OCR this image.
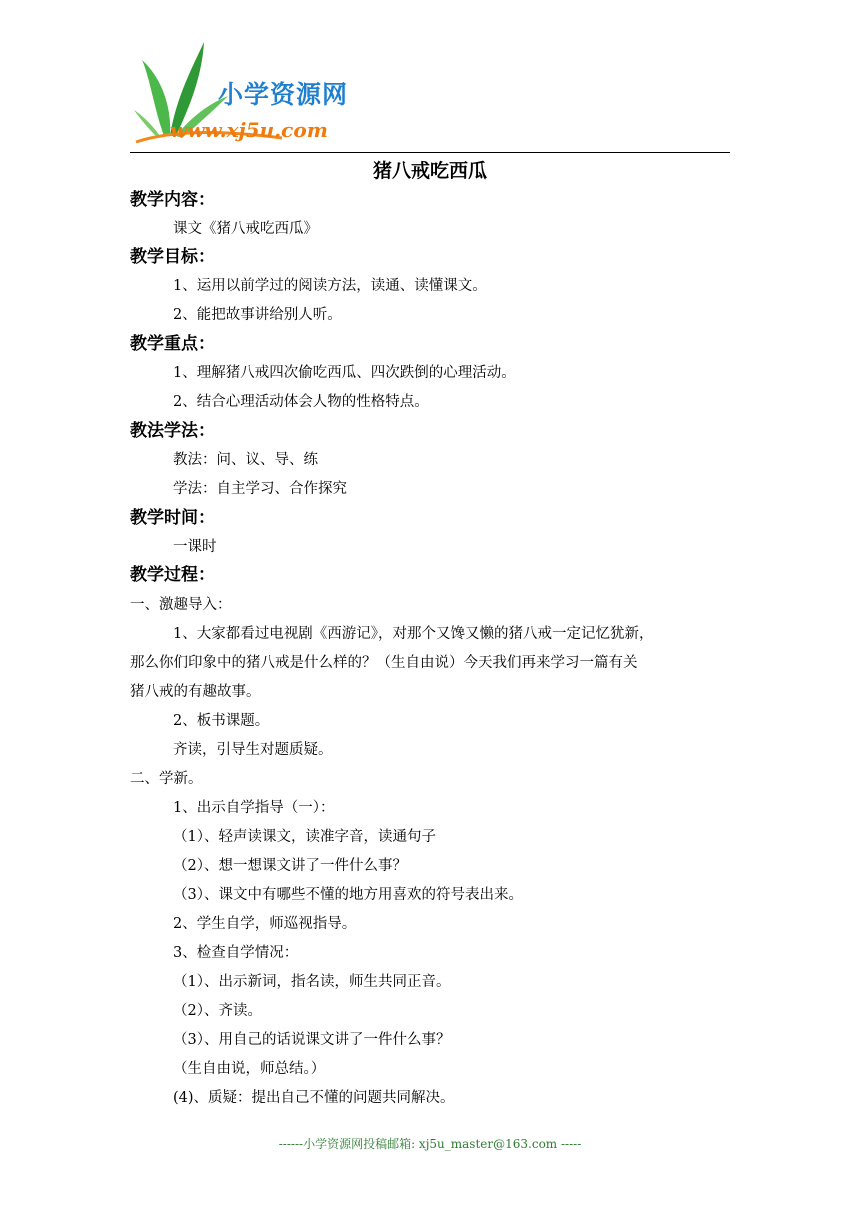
小学资源网
www.xj5u.com
猪八戒吃西瓜
教学内容：
课文《猪八戒吃西瓜》
教学目标：
1、运用以前学过的阅读方法，读通、读懂课文。
2、能把故事讲给别人听。
教学重点：
1、理解猪八戒四次偷吃西瓜、四次跌倒的心理活动。
2、结合心理活动体会人物的性格特点。
教法学法：
教法：问、议、导、练
学法：自主学习、合作探究
教学时间：
一课时
教学过程：
一、激趣导入：
1、大家都看过电视剧《西游记》，对那个又馋又懒的猪八戒一定记忆犹新，
那么你们印象中的猪八戒是什么样的？（生自由说）今天我们再来学习一篇有关
猪八戒的有趣故事。
2、板书课题。
齐读，引导生对题质疑。
二、学新。
1、出示自学指导（一）：
（1）、轻声读课文，读准字音，读通句子
（2）、想一想课文讲了一件什么事？
（3）、课文中有哪些不懂的地方用喜欢的符号表出来。
2、学生自学，师巡视指导。
3、检查自学情况：
（1）、出示新词，指名读，师生共同正音。
（2）、齐读。
（3）、用自己的话说课文讲了一件什么事？
（生自由说，师总结。）
(4)、质疑：提出自己不懂的问题共同解决。
------小学资源网投稿邮箱: xj5u_master@163.com -----
